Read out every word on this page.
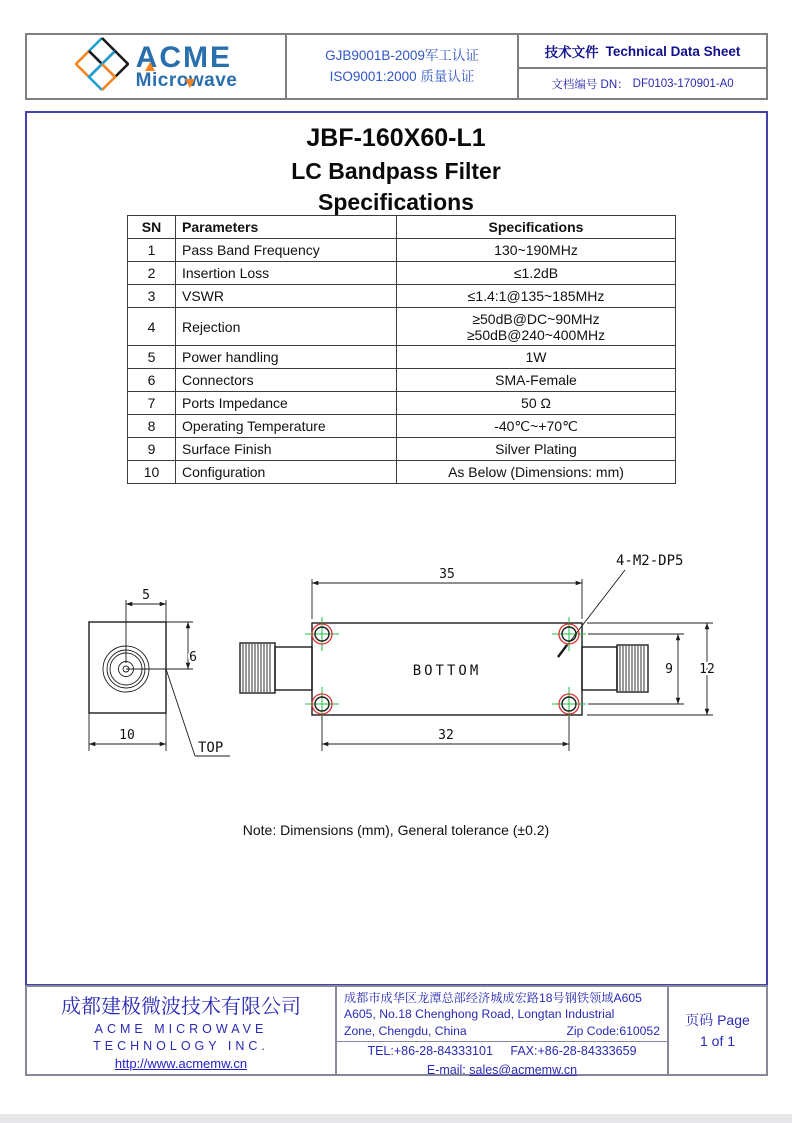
ACME
Microwave
GJB9001B-2009军工认证
ISO9001:2000 质量认证
技术文件 Technical Data Sheet
文档编号 DN： DF0103-170901-A0
JBF-160X60-L1
LC Bandpass Filter
Specifications
SN	Parameters	Specifications
1	Pass Band Frequency	130~190MHz
2	Insertion Loss	≤1.2dB
3	VSWR	≤1.4:1@135~185MHz
4	Rejection	≥50dB@DC~90MHz
≥50dB@240~400MHz

5	Power handling	1W
6	Connectors	SMA-Female
7	Ports Impedance	50 Ω
8	Operating Temperature	-40℃~+70℃
9	Surface Finish	Silver Plating
10	Configuration	As Below (Dimensions: mm)
5
6
10
TOP
BOTTOM
4-M2-DP5
35
32
9 12
Note: Dimensions (mm), General tolerance (±0.2)
成都建极微波技术有限公司
ACME MICROWAVE
TECHNOLOGY INC.
http://www.acmemw.cn
成都市成华区龙潭总部经济城成宏路18号钢铁领域A605
A605, No.18 Chenghong Road, Longtan Industrial
Zone, Chengdu, China	Zip Code:610052
TEL:+86-28-84333101 FAX:+86-28-84333659
E-mail: sales@acmemw.cn
页码 Page
1 of 1
